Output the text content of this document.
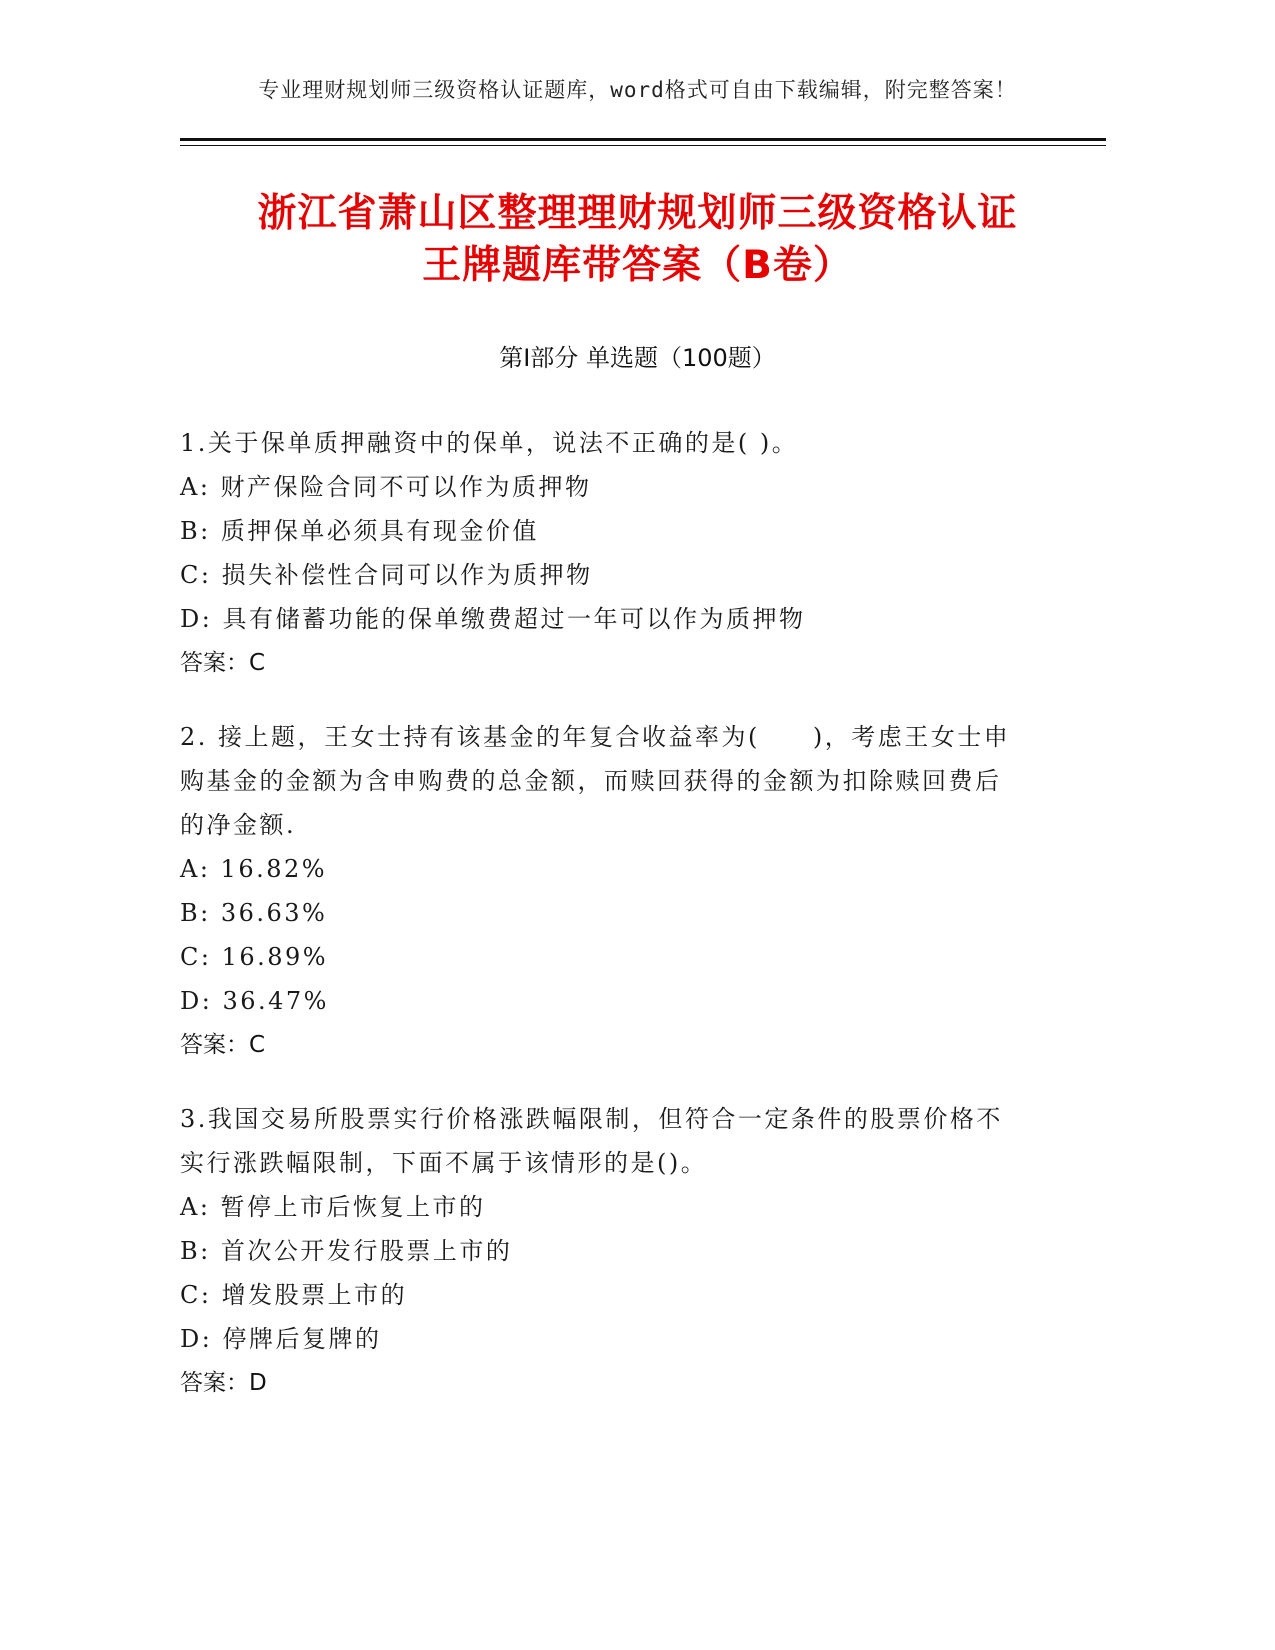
专业理财规划师三级资格认证题库，word格式可自由下载编辑，附完整答案！
浙江省萧山区整理理财规划师三级资格认证
王牌题库带答案（B卷）
第Ⅰ部分 单选题（100题）

1.关于保单质押融资中的保单，说法不正确的是( )。

A: 财产保险合同不可以作为质押物

B: 质押保单必须具有现金价值

C: 损失补偿性合同可以作为质押物

D: 具有储蓄功能的保单缴费超过一年可以作为质押物

答案：C

2. 接上题，王女士持有该基金的年复合收益率为(　　)，考虑王女士申购基金的金额为含申购费的总金额，而赎回获得的金额为扣除赎回费后的净金额.

A: 16.82%

B: 36.63%

C: 16.89%

D: 36.47%

答案：C

3.我国交易所股票实行价格涨跌幅限制，但符合一定条件的股票价格不实行涨跌幅限制，下面不属于该情形的是()。

A: 暂停上市后恢复上市的

B: 首次公开发行股票上市的

C: 增发股票上市的

D: 停牌后复牌的

答案：D
